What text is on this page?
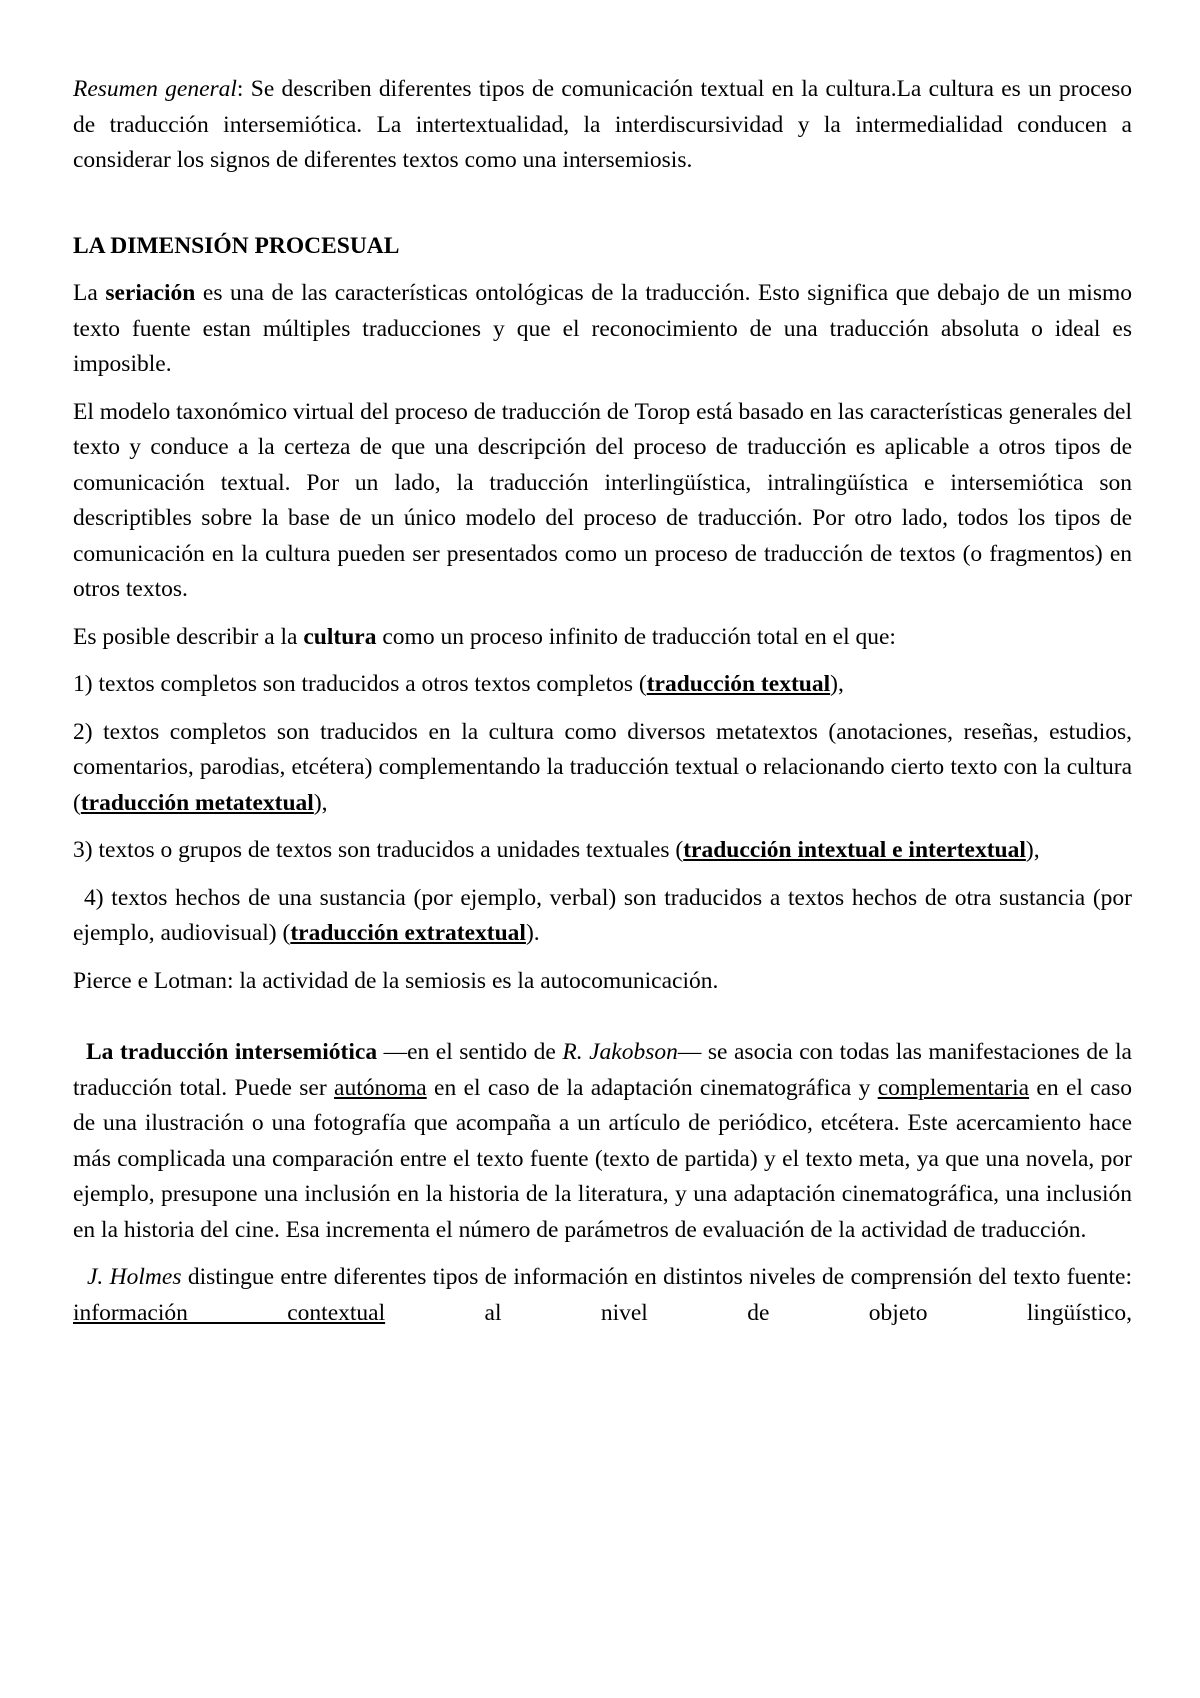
Resumen general: Se describen diferentes tipos de comunicación textual en la cultura.La cultura es un proceso de traducción intersemiótica. La intertextualidad, la interdiscursividad y la intermedialidad conducen a considerar los signos de diferentes textos como una intersemiosis.

LA DIMENSIÓN PROCESUAL

La seriación es una de las características ontológicas de la traducción. Esto significa que debajo de un mismo texto fuente estan múltiples traducciones y que el reconocimiento de una traducción absoluta o ideal es imposible.

El modelo taxonómico virtual del proceso de traducción de Torop está basado en las características generales del texto y conduce a la certeza de que una descripción del proceso de traducción es aplicable a otros tipos de comunicación textual. Por un lado, la traducción interlingüística, intralingüística e intersemiótica son descriptibles sobre la base de un único modelo del proceso de traducción. Por otro lado, todos los tipos de comunicación en la cultura pueden ser presentados como un proceso de traducción de textos (o fragmentos) en otros textos.

Es posible describir a la cultura como un proceso infinito de traducción total en el que:

1) textos completos son traducidos a otros textos completos (traducción textual),

2) textos completos son traducidos en la cultura como diversos metatextos (anotaciones, reseñas, estudios, comentarios, parodias, etcétera) complementando la traducción textual o relacionando cierto texto con la cultura (traducción metatextual),

3) textos o grupos de textos son traducidos a unidades textuales (traducción intextual e intertextual),

4) textos hechos de una sustancia (por ejemplo, verbal) son traducidos a textos hechos de otra sustancia (por ejemplo, audiovisual) (traducción extratextual).

Pierce e Lotman: la actividad de la semiosis es la autocomunicación.

La traducción intersemiótica —en el sentido de R. Jakobson— se asocia con todas las manifestaciones de la traducción total. Puede ser autónoma en el caso de la adaptación cinematográfica y complementaria en el caso de una ilustración o una fotografía que acompaña a un artículo de periódico, etcétera. Este acercamiento hace más complicada una comparación entre el texto fuente (texto de partida) y el texto meta, ya que una novela, por ejemplo, presupone una inclusión en la historia de la literatura, y una adaptación cinematográfica, una inclusión en la historia del cine. Esa incrementa el número de parámetros de evaluación de la actividad de traducción.

J. Holmes distingue entre diferentes tipos de información en distintos niveles de comprensión del texto fuente: información contextual al nivel de objeto lingüístico,
